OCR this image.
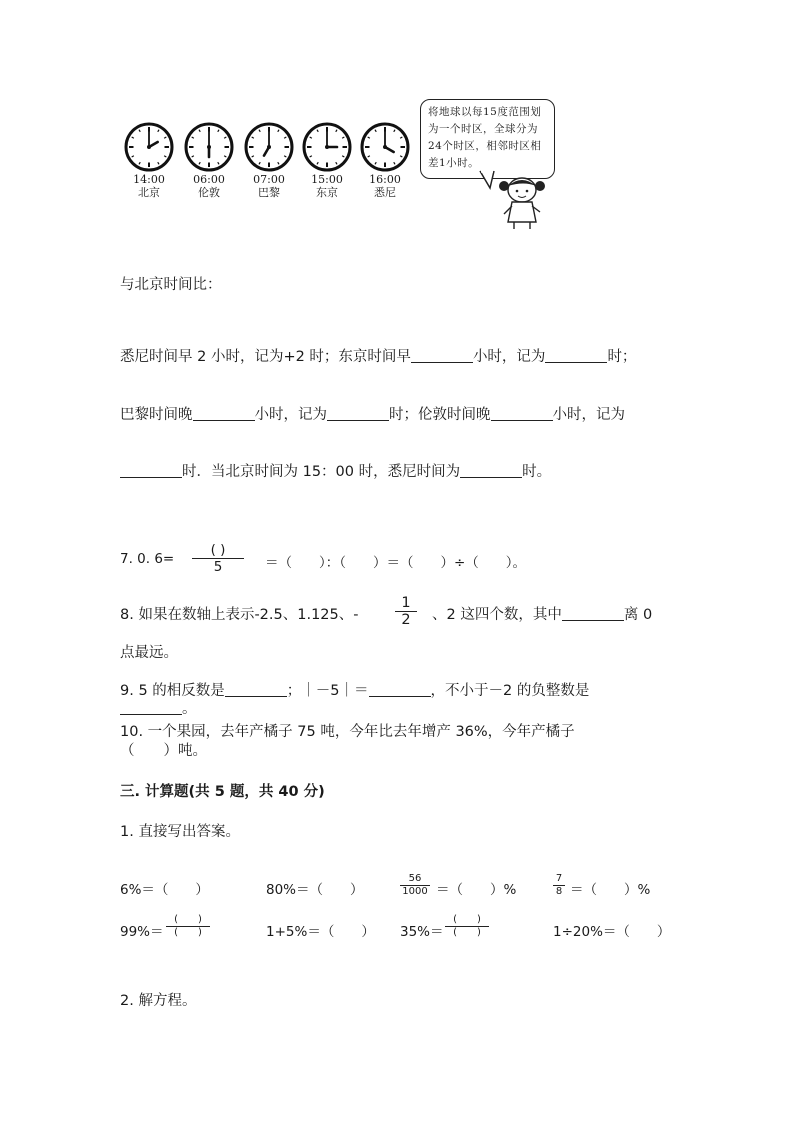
14:00
北京
06:00
伦敦
07:00
巴黎
15:00
东京
16:00
悉尼
将地球以每15度范围划为一个时区，全球分为24个时区，相邻时区相差1小时。
与北京时间比：
悉尼时间早 2 小时，记为+2 时；东京时间早	小时，记为	时；
巴黎时间晚	小时，记为	时；伦敦时间晚	小时，记为
时．当北京时间为 15：00 时，悉尼时间为	时。
7. 0. 6=
( )
5	＝（　　）：（　　）＝（　　）÷（　　）。
8. 如果在数轴上表示-2.5、1.125、-
1
2	、2 这四个数，其中	离 0
点最远。
9. 5 的相反数是	；｜－5｜＝	，不小于－2 的负整数是
。
10. 一个果园，去年产橘子 75 吨，今年比去年增产 36%，今年产橘子
（　　）吨。
三. 计算题(共 5 题，共 40 分)
1. 直接写出答案。
6%＝（　　）	80%＝（　　）
56
1000 ＝（　　）%
7
8 ＝（　　）%
99%＝
(　　)
(　　)	1+5%＝（　　） 35%＝
(　　)
(　　)	1÷20%＝（　　）
2. 解方程。
